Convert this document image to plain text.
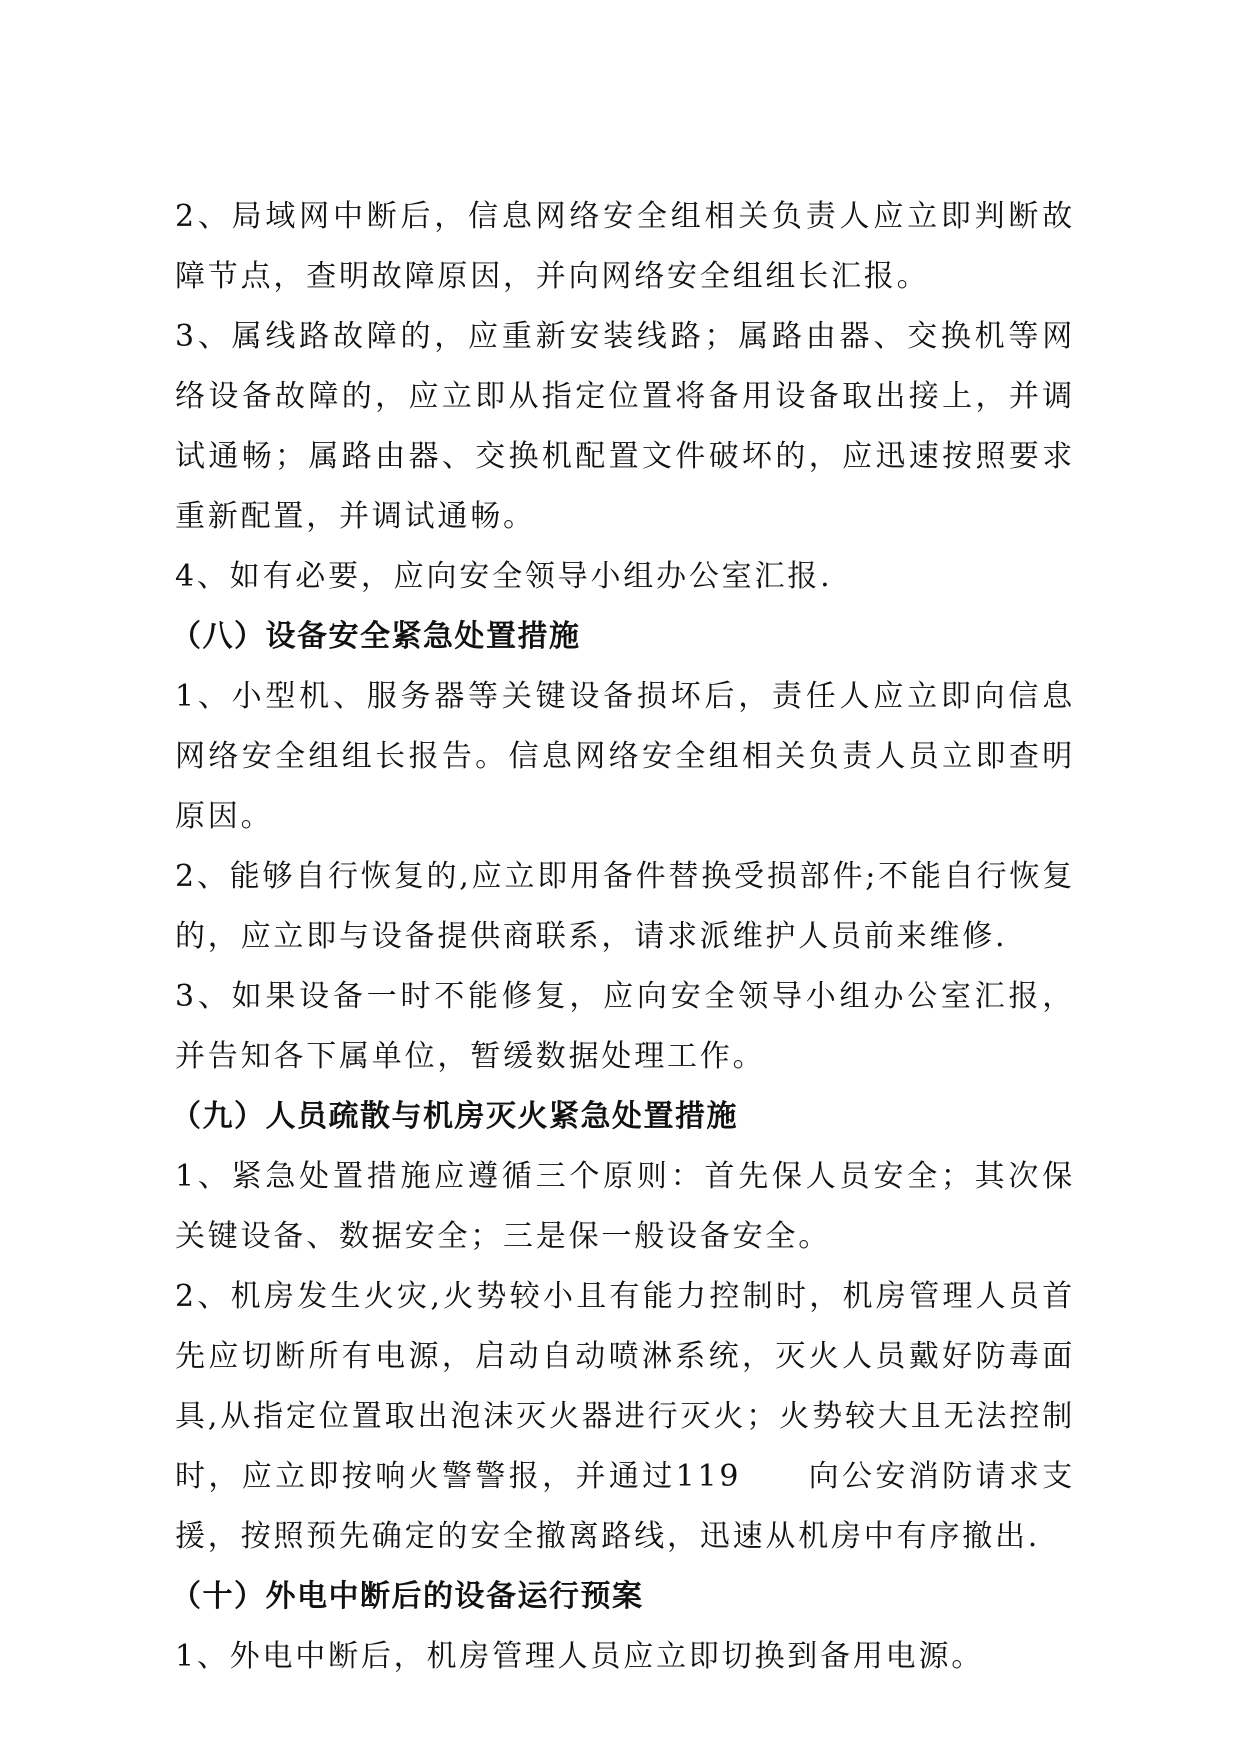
2、局域网中断后，信息网络安全组相关负责人应立即判断故障节点，查明故障原因，并向网络安全组组长汇报。

3、属线路故障的，应重新安装线路；属路由器、交换机等网络设备故障的，应立即从指定位置将备用设备取出接上，并调试通畅；属路由器、交换机配置文件破坏的，应迅速按照要求重新配置，并调试通畅。

4、如有必要，应向安全领导小组办公室汇报.

（八）设备安全紧急处置措施

1、小型机、服务器等关键设备损坏后，责任人应立即向信息网络安全组组长报告。信息网络安全组相关负责人员立即查明原因。

2、能够自行恢复的,应立即用备件替换受损部件;不能自行恢复的，应立即与设备提供商联系，请求派维护人员前来维修.

3、如果设备一时不能修复，应向安全领导小组办公室汇报，并告知各下属单位，暂缓数据处理工作。

（九）人员疏散与机房灭火紧急处置措施

1、紧急处置措施应遵循三个原则：首先保人员安全；其次保关键设备、数据安全；三是保一般设备安全。

2、机房发生火灾,火势较小且有能力控制时，机房管理人员首先应切断所有电源，启动自动喷淋系统，灭火人员戴好防毒面具,从指定位置取出泡沫灭火器进行灭火；火势较大且无法控制时，应立即按响火警警报，并通过119　　向公安消防请求支援，按照预先确定的安全撤离路线，迅速从机房中有序撤出.

（十）外电中断后的设备运行预案

1、外电中断后，机房管理人员应立即切换到备用电源。
